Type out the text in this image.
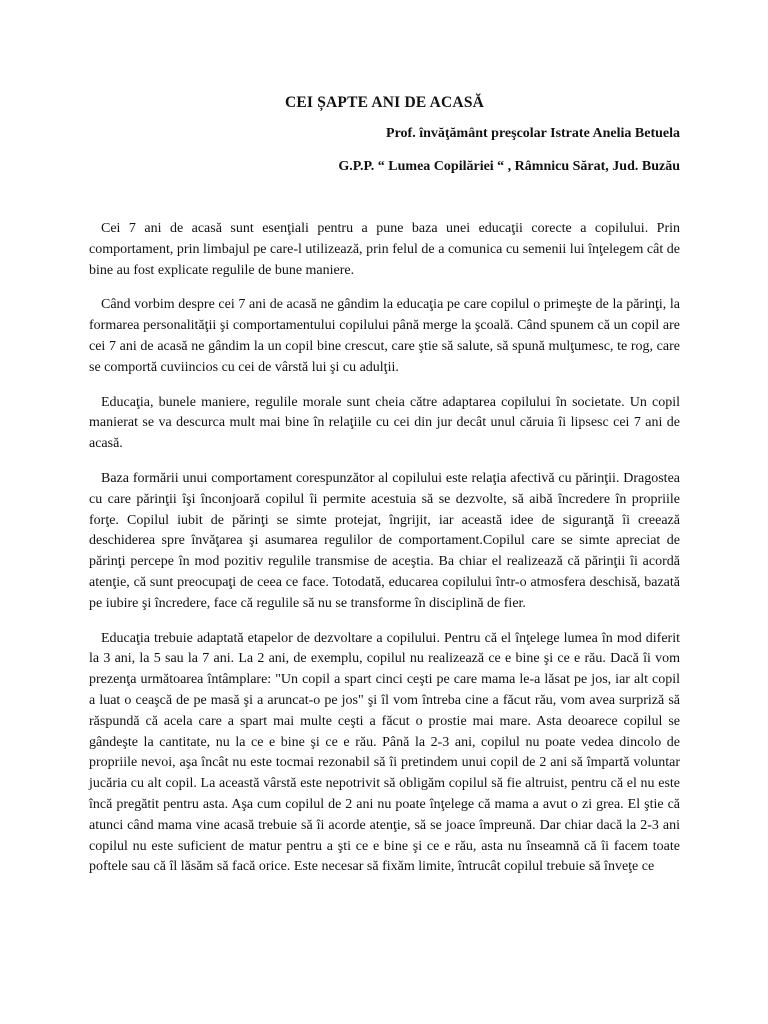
CEI ȘAPTE ANI DE ACASĂ

Prof. învăţământ preşcolar Istrate Anelia Betuela

G.P.P. “ Lumea Copilăriei “ , Râmnicu Sărat, Jud. Buzău

Cei 7 ani de acasă sunt esenţiali pentru a pune baza unei educaţii corecte a copilului. Prin comportament, prin limbajul pe care-l utilizează, prin felul de a comunica cu semenii lui înţelegem cât de bine au fost explicate regulile de bune maniere.

Când vorbim despre cei 7 ani de acasă ne gândim la educaţia pe care copilul o primeşte de la părinţi, la formarea personalităţii şi comportamentului copilului până merge la şcoală. Când spunem că un copil are cei 7 ani de acasă ne gândim la un copil bine crescut, care ştie să salute, să spună mulţumesc, te rog, care se comportă cuviincios cu cei de vârstă lui şi cu adulţii.

Educaţia, bunele maniere, regulile morale sunt cheia către adaptarea copilului în societate. Un copil manierat se va descurca mult mai bine în relaţiile cu cei din jur decât unul căruia îi lipsesc cei 7 ani de acasă.

Baza formării unui comportament corespunzător al copilului este relaţia afectivă cu părinţii. Dragostea cu care părinţii îşi înconjoară copilul îi permite acestuia să se dezvolte, să aibă încredere în propriile forţe. Copilul iubit de părinţi se simte protejat, îngrijit, iar această idee de siguranţă îi creează deschiderea spre învăţarea şi asumarea regulilor de comportament.Copilul care se simte apreciat de părinţi percepe în mod pozitiv regulile transmise de aceştia. Ba chiar el realizează că părinţii îi acordă atenţie, că sunt preocupaţi de ceea ce face. Totodată, educarea copilului într-o atmosfera deschisă, bazată pe iubire şi încredere, face că regulile să nu se transforme în disciplină de fier.

Educaţia trebuie adaptată etapelor de dezvoltare a copilului. Pentru că el înţelege lumea în mod diferit la 3 ani, la 5 sau la 7 ani. La 2 ani, de exemplu, copilul nu realizează ce e bine şi ce e rău. Dacă îi vom prezenţa următoarea întâmplare: "Un copil a spart cinci ceşti pe care mama le-a lăsat pe jos, iar alt copil a luat o ceaşcă de pe masă şi a aruncat-o pe jos" şi îl vom întreba cine a făcut rău, vom avea surpriză să răspundă că acela care a spart mai multe ceşti a făcut o prostie mai mare. Asta deoarece copilul se gândeşte la cantitate, nu la ce e bine şi ce e rău. Până la 2-3 ani, copilul nu poate vedea dincolo de propriile nevoi, aşa încât nu este tocmai rezonabil să îi pretindem unui copil de 2 ani să împartă voluntar jucăria cu alt copil. La această vârstă este nepotrivit să obligăm copilul să fie altruist, pentru că el nu este încă pregătit pentru asta. Aşa cum copilul de 2 ani nu poate înţelege că mama a avut o zi grea. El ştie că atunci când mama vine acasă trebuie să îi acorde atenţie, să se joace împreună. Dar chiar dacă la 2-3 ani copilul nu este suficient de matur pentru a şti ce e bine şi ce e rău, asta nu înseamnă că îi facem toate poftele sau că îl lăsăm să facă orice. Este necesar să fixăm limite, întrucât copilul trebuie să înveţe ce
